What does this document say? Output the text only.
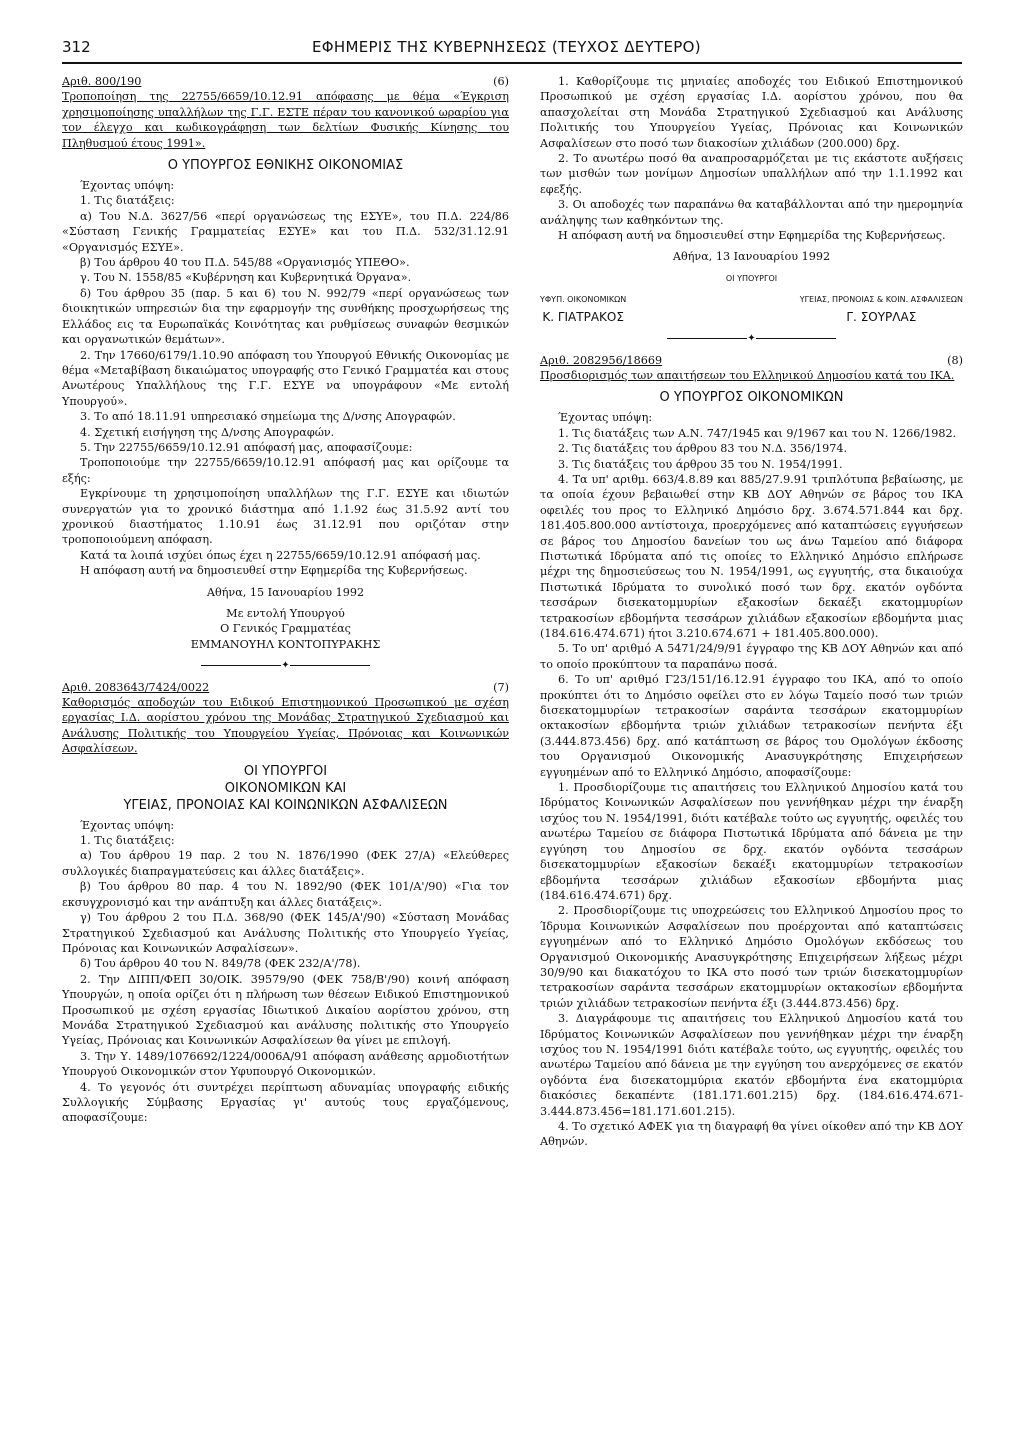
312	ΕΦΗΜΕΡΙΣ ΤΗΣ ΚΥΒΕΡΝΗΣΕΩΣ (ΤΕΥΧΟΣ ΔΕΥΤΕΡΟ)
Αριθ. 800/190	(6)

Τροποποίηση της 22755/6659/10.12.91 απόφασης με θέμα «Έγκριση χρησιμοποίησης υπαλλήλων της Γ.Γ. ΕΣΤΕ πέραν του κανονικού ωραρίου για τον έλεγχο και κωδικογράφηση των δελτίων Φυσικής Κίνησης του Πληθυσμού έτους 1991».

Ο ΥΠΟΥΡΓΟΣ ΕΘΝΙΚΗΣ ΟΙΚΟΝΟΜΙΑΣ

Έχοντας υπόψη:

1. Τις διατάξεις:

α) Του Ν.Δ. 3627/56 «περί οργανώσεως της ΕΣΥΕ», του Π.Δ. 224/86 «Σύσταση Γενικής Γραμματείας ΕΣΥΕ» και του Π.Δ. 532/31.12.91 «Οργανισμός ΕΣΥΕ».

β) Του άρθρου 40 του Π.Δ. 545/88 «Οργανισμός ΥΠΕΘΟ».

γ. Του Ν. 1558/85 «Κυβέρνηση και Κυβερνητικά Όργανα».

δ) Του άρθρου 35 (παρ. 5 και 6) του Ν. 992/79 «περί οργανώσεως των διοικητικών υπηρεσιών δια την εφαρμογήν της συνθήκης προσχωρήσεως της Ελλάδος εις τα Ευρωπαϊκάς Κοινότητας και ρυθμίσεως συναφών θεσμικών και οργανωτικών θεμάτων».

2. Την 17660/6179/1.10.90 απόφαση του Υπουργού Εθνικής Οικονομίας με θέμα «Μεταβίβαση δικαιώματος υπογραφής στο Γενικό Γραμματέα και στους Ανωτέρους Υπαλλήλους της Γ.Γ. ΕΣΥΕ να υπογράφουν «Με εντολή Υπουργού».

3. Το από 18.11.91 υπηρεσιακό σημείωμα της Δ/νσης Απογραφών.

4. Σχετική εισήγηση της Δ/νσης Απογραφών.

5. Την 22755/6659/10.12.91 απόφασή μας, αποφασίζουμε:

Τροποποιούμε την 22755/6659/10.12.91 απόφασή μας και ορίζουμε τα εξής:

Εγκρίνουμε τη χρησιμοποίηση υπαλλήλων της Γ.Γ. ΕΣΥΕ και ιδιωτών συνεργατών για το χρονικό διάστημα από 1.1.92 έως 31.5.92 αντί του χρονικού διαστήματος 1.10.91 έως 31.12.91 που οριζόταν στην τροποποιούμενη απόφαση.

Κατά τα λοιπά ισχύει όπως έχει η 22755/6659/10.12.91 απόφασή μας.

Η απόφαση αυτή να δημοσιευθεί στην Εφημερίδα της Κυβερνήσεως.

Αθήνα, 15 Ιανουαρίου 1992

Με εντολή Υπουργού

Ο Γενικός Γραμματέας

ΕΜΜΑΝΟΥΗΛ ΚΟΝΤΟΠΥΡΑΚΗΣ

✦
Αριθ. 2083643/7424/0022	(7)

Καθορισμός αποδοχών του Ειδικού Επιστημονικού Προσωπικού με σχέση εργασίας Ι.Δ. αορίστου χρόνου της Μονάδας Στρατηγικού Σχεδιασμού και Ανάλυσης Πολιτικής του Υπουργείου Υγείας, Πρόνοιας και Κοινωνικών Ασφαλίσεων.

ΟΙ ΥΠΟΥΡΓΟΙ
ΟΙΚΟΝΟΜΙΚΩΝ ΚΑΙ
ΥΓΕΙΑΣ, ΠΡΟΝΟΙΑΣ ΚΑΙ ΚΟΙΝΩΝΙΚΩΝ ΑΣΦΑΛΙΣΕΩΝ

Έχοντας υπόψη:

1. Τις διατάξεις:

α) Του άρθρου 19 παρ. 2 του Ν. 1876/1990 (ΦΕΚ 27/Α) «Ελεύθερες συλλογικές διαπραγματεύσεις και άλλες διατάξεις».

β) Του άρθρου 80 παρ. 4 του Ν. 1892/90 (ΦΕΚ 101/Α'/90) «Για τον εκσυγχρονισμό και την ανάπτυξη και άλλες διατάξεις».

γ) Του άρθρου 2 του Π.Δ. 368/90 (ΦΕΚ 145/Α'/90) «Σύσταση Μονάδας Στρατηγικού Σχεδιασμού και Ανάλυσης Πολιτικής στο Υπουργείο Υγείας, Πρόνοιας και Κοινωνικών Ασφαλίσεων».

δ) Του άρθρου 40 του Ν. 849/78 (ΦΕΚ 232/Α'/78).

2. Την ΔΙΠΠ/ΦΕΠ 30/ΟΙΚ. 39579/90 (ΦΕΚ 758/Β'/90) κοινή απόφαση Υπουργών, η οποία ορίζει ότι η πλήρωση των θέσεων Ειδικού Επιστημονικού Προσωπικού με σχέση εργασίας Ιδιωτικού Δικαίου αορίστου χρόνου, στη Μονάδα Στρατηγικού Σχεδιασμού και ανάλυσης πολιτικής στο Υπουργείο Υγείας, Πρόνοιας και Κοινωνικών Ασφαλίσεων θα γίνει με επιλογή.

3. Την Υ. 1489/1076692/1224/0006Α/91 απόφαση ανάθεσης αρμοδιοτήτων Υπουργού Οικονομικών στον Υφυπουργό Οικονομικών.

4. Το γεγονός ότι συντρέχει περίπτωση αδυναμίας υπογραφής ειδικής Συλλογικής Σύμβασης Εργασίας γι' αυτούς τους εργαζόμενους, αποφασίζουμε:

1. Καθορίζουμε τις μηνιαίες αποδοχές του Ειδικού Επιστημονικού Προσωπικού με σχέση εργασίας Ι.Δ. αορίστου χρόνου, που θα απασχολείται στη Μονάδα Στρατηγικού Σχεδιασμού και Ανάλυσης Πολιτικής του Υπουργείου Υγείας, Πρόνοιας και Κοινωνικών Ασφαλίσεων στο ποσό των διακοσίων χιλιάδων (200.000) δρχ.

2. Το ανωτέρω ποσό θα αναπροσαρμόζεται με τις εκάστοτε αυξήσεις των μισθών των μονίμων Δημοσίων υπαλλήλων από την 1.1.1992 και εφεξής.

3. Οι αποδοχές των παραπάνω θα καταβάλλονται από την ημερομηνία ανάληψης των καθηκόντων της.

Η απόφαση αυτή να δημοσιευθεί στην Εφημερίδα της Κυβερνήσεως.

Αθήνα, 13 Ιανουαρίου 1992

ΟΙ ΥΠΟΥΡΓΟΙ

ΥΦΥΠ. ΟΙΚΟΝΟΜΙΚΩΝ
Κ. ΓΙΑΤΡΑΚΟΣ
ΥΓΕΙΑΣ, ΠΡΟΝΟΙΑΣ & ΚΟΙΝ. ΑΣΦΑΛΙΣΕΩΝ
Γ. ΣΟΥΡΛΑΣ
✦
Αριθ. 2082956/18669	(8)

Προσδιορισμός των απαιτήσεων του Ελληνικού Δημοσίου κατά του ΙΚΑ.

Ο ΥΠΟΥΡΓΟΣ ΟΙΚΟΝΟΜΙΚΩΝ

Έχοντας υπόψη:

1. Τις διατάξεις των Α.Ν. 747/1945 και 9/1967 και του Ν. 1266/1982.

2. Τις διατάξεις του άρθρου 83 του Ν.Δ. 356/1974.

3. Τις διατάξεις του άρθρου 35 του Ν. 1954/1991.

4. Τα υπ' αριθμ. 663/4.8.89 και 885/27.9.91 τριπλότυπα βεβαίωσης, με τα οποία έχουν βεβαιωθεί στην ΚΒ ΔΟΥ Αθηνών σε βάρος του ΙΚΑ οφειλές του προς το Ελληνικό Δημόσιο δρχ. 3.674.571.844 και δρχ. 181.405.800.000 αντίστοιχα, προερχόμενες από καταπτώσεις εγγυήσεων σε βάρος του Δημοσίου δανείων του ως άνω Ταμείου από διάφορα Πιστωτικά Ιδρύματα από τις οποίες το Ελληνικό Δημόσιο επλήρωσε μέχρι της δημοσιεύσεως του Ν. 1954/1991, ως εγγυητής, στα δικαιούχα Πιστωτικά Ιδρύματα το συνολικό ποσό των δρχ. εκατόν ογδόντα τεσσάρων δισεκατομμυρίων εξακοσίων δεκαέξι εκατομμυρίων τετρακοσίων εβδομήντα τεσσάρων χιλιάδων εξακοσίων εβδομήντα μιας (184.616.474.671) ήτοι 3.210.674.671 + 181.405.800.000).

5. Το υπ' αριθμό Α 5471/24/9/91 έγγραφο της ΚΒ ΔΟΥ Αθηνών και από το οποίο προκύπτουν τα παραπάνω ποσά.

6. Το υπ' αριθμό Γ23/151/16.12.91 έγγραφο του ΙΚΑ, από το οποίο προκύπτει ότι το Δημόσιο οφείλει στο εν λόγω Ταμείο ποσό των τριών δισεκατομμυρίων τετρακοσίων σαράντα τεσσάρων εκατομμυρίων οκτακοσίων εβδομήντα τριών χιλιάδων τετρακοσίων πενήντα έξι (3.444.873.456) δρχ. από κατάπτωση σε βάρος του Ομολόγων έκδοσης του Οργανισμού Οικονομικής Ανασυγκρότησης Επιχειρήσεων εγγυημένων από το Ελληνικό Δημόσιο, αποφασίζουμε:

1. Προσδιορίζουμε τις απαιτήσεις του Ελληνικού Δημοσίου κατά του Ιδρύματος Κοινωνικών Ασφαλίσεων που γεννήθηκαν μέχρι την έναρξη ισχύος του Ν. 1954/1991, διότι κατέβαλε τούτο ως εγγυητής, οφειλές του ανωτέρω Ταμείου σε διάφορα Πιστωτικά Ιδρύματα από δάνεια με την εγγύηση του Δημοσίου σε δρχ. εκατόν ογδόντα τεσσάρων δισεκατομμυρίων εξακοσίων δεκαέξι εκατομμυρίων τετρακοσίων εβδομήντα τεσσάρων χιλιάδων εξακοσίων εβδομήντα μιας (184.616.474.671) δρχ.

2. Προσδιορίζουμε τις υποχρεώσεις του Ελληνικού Δημοσίου προς το Ίδρυμα Κοινωνικών Ασφαλίσεων που προέρχονται από καταπτώσεις εγγυημένων από το Ελληνικό Δημόσιο Ομολόγων εκδόσεως του Οργανισμού Οικονομικής Ανασυγκρότησης Επιχειρήσεων λήξεως μέχρι 30/9/90 και διακατόχου το ΙΚΑ στο ποσό των τριών δισεκατομμυρίων τετρακοσίων σαράντα τεσσάρων εκατομμυρίων οκτακοσίων εβδομήντα τριών χιλιάδων τετρακοσίων πενήντα έξι (3.444.873.456) δρχ.

3. Διαγράφουμε τις απαιτήσεις του Ελληνικού Δημοσίου κατά του Ιδρύματος Κοινωνικών Ασφαλίσεων που γεννήθηκαν μέχρι την έναρξη ισχύος του Ν. 1954/1991 διότι κατέβαλε τούτο, ως εγγυητής, οφειλές του ανωτέρω Ταμείου από δάνεια με την εγγύηση του ανερχόμενες σε εκατόν ογδόντα ένα δισεκατομμύρια εκατόν εβδομήντα ένα εκατομμύρια διακόσιες δεκαπέντε (181.171.601.215) δρχ. (184.616.474.671-3.444.873.456=181.171.601.215).

4. Το σχετικό ΑΦΕΚ για τη διαγραφή θα γίνει οίκοθεν από την ΚΒ ΔΟΥ Αθηνών.
